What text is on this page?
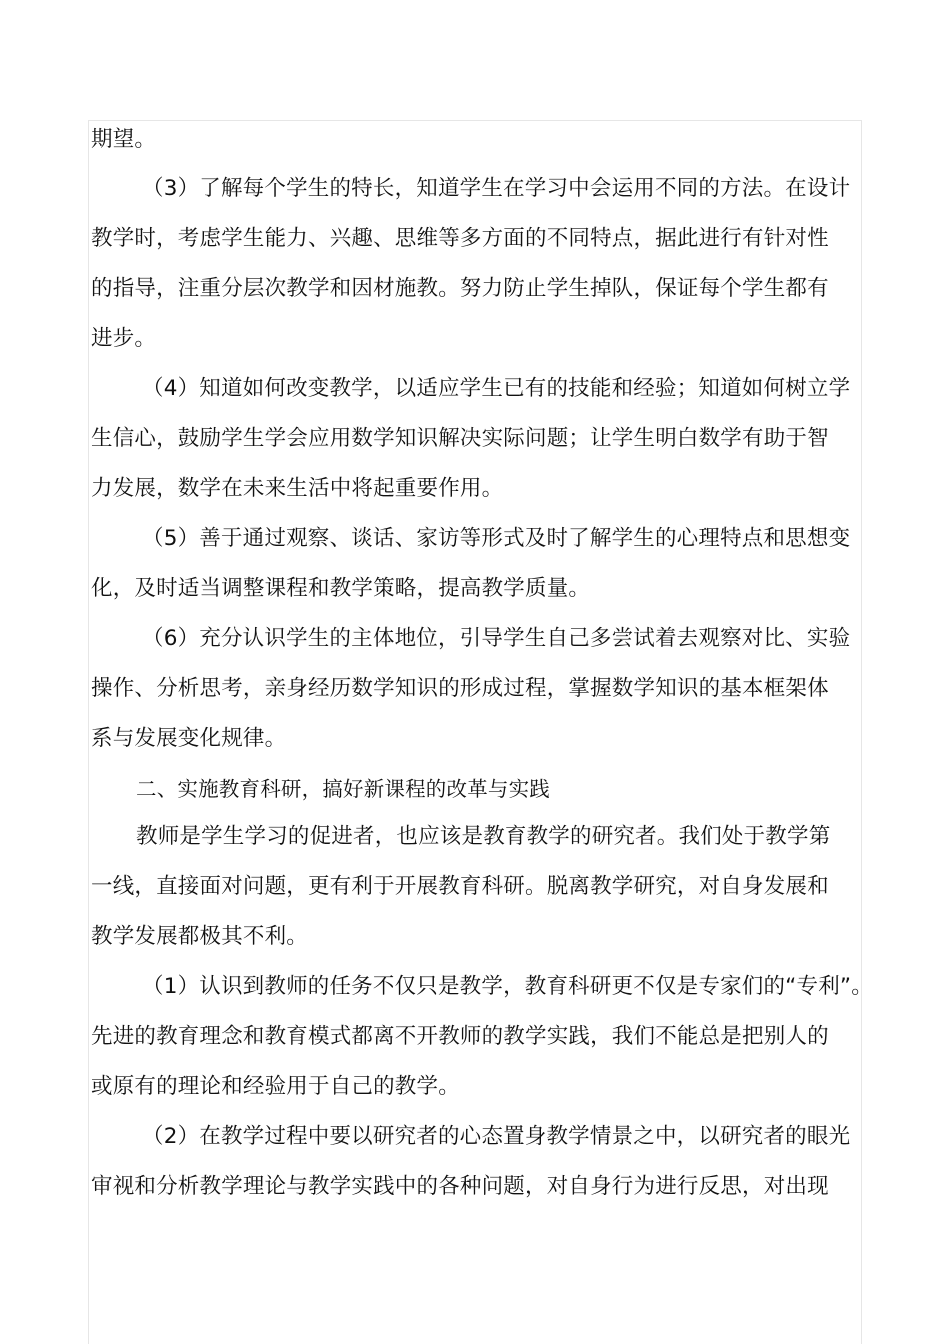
期望。
（3）了解每个学生的特长，知道学生在学习中会运用不同的方法。在设计
教学时，考虑学生能力、兴趣、思维等多方面的不同特点，据此进行有针对性
的指导，注重分层次教学和因材施教。努力防止学生掉队，保证每个学生都有
进步。
（4）知道如何改变教学，以适应学生已有的技能和经验；知道如何树立学
生信心，鼓励学生学会应用数学知识解决实际问题；让学生明白数学有助于智
力发展，数学在未来生活中将起重要作用。
（5）善于通过观察、谈话、家访等形式及时了解学生的心理特点和思想变
化，及时适当调整课程和教学策略，提高教学质量。
（6）充分认识学生的主体地位，引导学生自己多尝试着去观察对比、实验
操作、分析思考，亲身经历数学知识的形成过程，掌握数学知识的基本框架体
系与发展变化规律。
二、实施教育科研，搞好新课程的改革与实践
教师是学生学习的促进者，也应该是教育教学的研究者。我们处于教学第
一线，直接面对问题，更有利于开展教育科研。脱离教学研究，对自身发展和
教学发展都极其不利。
（1）认识到教师的任务不仅只是教学，教育科研更不仅是专家们的“专利”。
先进的教育理念和教育模式都离不开教师的教学实践，我们不能总是把别人的
或原有的理论和经验用于自己的教学。
（2）在教学过程中要以研究者的心态置身教学情景之中，以研究者的眼光
审视和分析教学理论与教学实践中的各种问题，对自身行为进行反思，对出现
